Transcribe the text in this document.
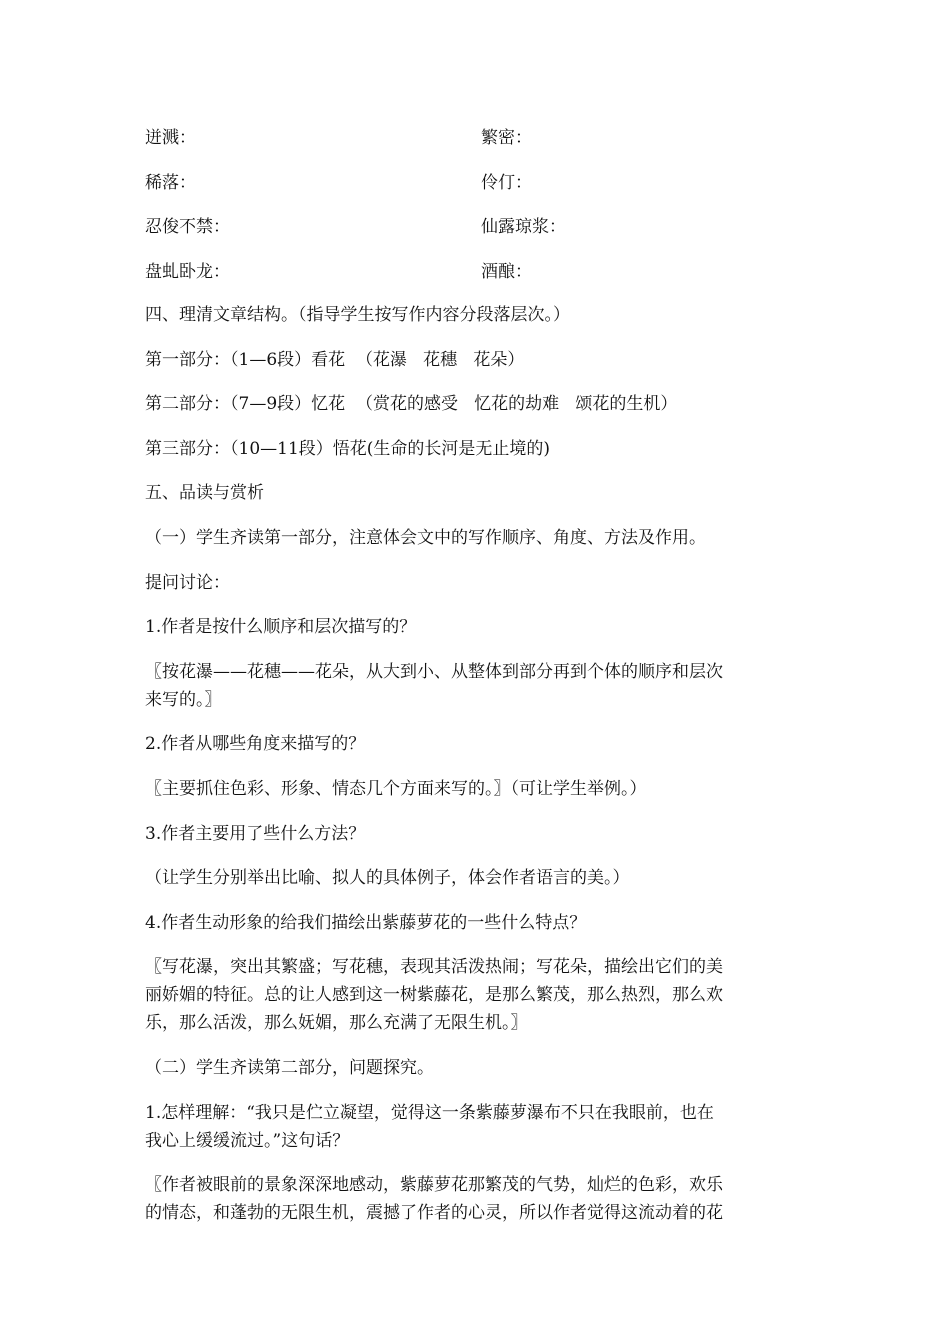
迸溅：	繁密：
稀落：	伶仃：
忍俊不禁：	仙露琼浆：
盘虬卧龙：	酒酿：

四、理清文章结构。（指导学生按写作内容分段落层次。）

第一部分：（1—6段）看花  （花瀑   花穗   花朵）

第二部分：（7—9段）忆花  （赏花的感受   忆花的劫难   颂花的生机）

第三部分：（10—11段）悟花(生命的长河是无止境的)

五、品读与赏析

（一）学生齐读第一部分，注意体会文中的写作顺序、角度、方法及作用。

提问讨论：

1.作者是按什么顺序和层次描写的？

〖按花瀑——花穗——花朵，从大到小、从整体到部分再到个体的顺序和层次

来写的。〗

2.作者从哪些角度来描写的？

〖主要抓住色彩、形象、情态几个方面来写的。〗（可让学生举例。）

3.作者主要用了些什么方法？

（让学生分别举出比喻、拟人的具体例子，体会作者语言的美。）

4.作者生动形象的给我们描绘出紫藤萝花的一些什么特点？

〖写花瀑，突出其繁盛；写花穗，表现其活泼热闹；写花朵，描绘出它们的美

丽娇媚的特征。总的让人感到这一树紫藤花，是那么繁茂，那么热烈，那么欢

乐，那么活泼，那么妩媚，那么充满了无限生机。〗

（二）学生齐读第二部分，问题探究。

1.怎样理解：“我只是伫立凝望，觉得这一条紫藤萝瀑布不只在我眼前，也在

我心上缓缓流过。”这句话？

〖作者被眼前的景象深深地感动，紫藤萝花那繁茂的气势，灿烂的色彩，欢乐

的情态，和蓬勃的无限生机，震撼了作者的心灵，所以作者觉得这流动着的花
